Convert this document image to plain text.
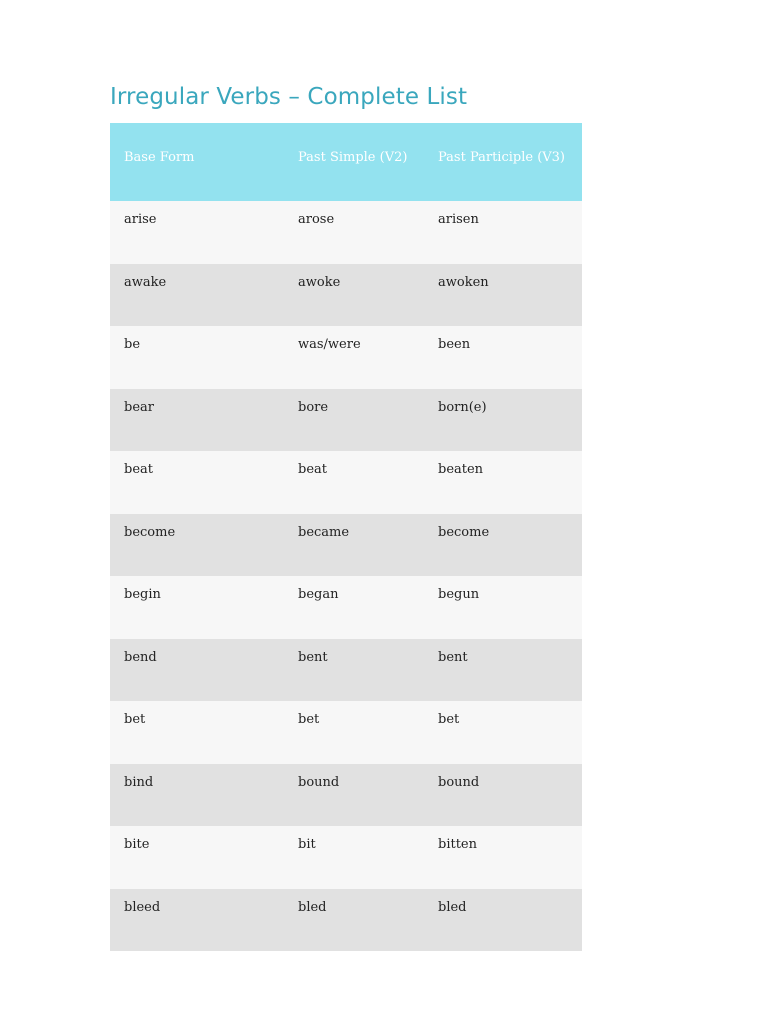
Irregular Verbs – Complete List
Base Form	Past Simple (V2)	Past Participle (V3)
arise	arose	arisen
awake	awoke	awoken
be	was/were	been
bear	bore	born(e)
beat	beat	beaten
become	became	become
begin	began	begun
bend	bent	bent
bet	bet	bet
bind	bound	bound
bite	bit	bitten
bleed	bled	bled
